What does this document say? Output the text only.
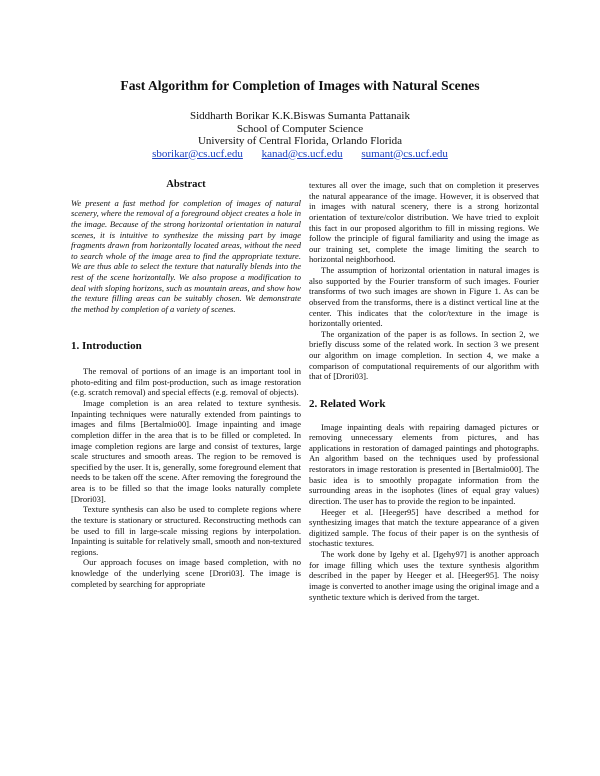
Fast Algorithm for Completion of Images with Natural Scenes
Siddharth Borikar K.K.Biswas Sumanta Pattanaik
School of Computer Science
University of Central Florida, Orlando Florida
sborikar@cs.ucf.edu kanad@cs.ucf.edu sumant@cs.ucf.edu
Abstract

We present a fast method for completion of images of natural scenery, where the removal of a foreground object creates a hole in the image. Because of the strong horizontal orientation in natural scenes, it is intuitive to synthesize the missing part by image fragments drawn from horizontally located areas, without the need to search whole of the image area to find the appropriate texture. We are thus able to select the texture that naturally blends into the rest of the scene horizontally. We also propose a modification to deal with sloping horizons, such as mountain areas, and show how the texture filling areas can be suitably chosen. We demonstrate the method by completion of a variety of scenes.

1. Introduction

The removal of portions of an image is an important tool in photo-editing and film post-production, such as image restoration (e.g. scratch removal) and special effects (e.g. removal of objects).

Image completion is an area related to texture synthesis. Inpainting techniques were naturally extended from paintings to images and films [Bertalmio00]. Image inpainting and image completion differ in the area that is to be filled or completed. In image completion regions are large and consist of textures, large scale structures and smooth areas. The region to be removed is specified by the user. It is, generally, some foreground element that needs to be taken off the scene. After removing the foreground the area is to be filled so that the image looks naturally complete [Drori03].

Texture synthesis can also be used to complete regions where the texture is stationary or structured. Reconstructing methods can be used to fill in large-scale missing regions by interpolation. Inpainting is suitable for relatively small, smooth and non-textured regions.

Our approach focuses on image based completion, with no knowledge of the underlying scene [Drori03]. The image is completed by searching for appropriate

textures all over the image, such that on completion it preserves the natural appearance of the image. However, it is observed that in images with natural scenery, there is a strong horizontal orientation of texture/color distribution. We have tried to exploit this fact in our proposed algorithm to fill in missing regions. We follow the principle of figural familiarity and using the image as our training set, complete the image limiting the search to horizontal neighborhood.

The assumption of horizontal orientation in natural images is also supported by the Fourier transform of such images. Fourier transforms of two such images are shown in Figure 1. As can be observed from the transforms, there is a distinct vertical line at the center. This indicates that the color/texture in the image is horizontally oriented.

The organization of the paper is as follows. In section 2, we briefly discuss some of the related work. In section 3 we present our algorithm on image completion. In section 4, we make a comparison of computational requirements of our algorithm with that of [Drori03].

2. Related Work

Image inpainting deals with repairing damaged pictures or removing unnecessary elements from pictures, and has applications in restoration of damaged paintings and photographs. An algorithm based on the techniques used by professional restorators in image restoration is presented in [Bertalmio00]. The basic idea is to smoothly propagate information from the surrounding areas in the isophotes (lines of equal gray values) direction. The user has to provide the region to be inpainted.

Heeger et al. [Heeger95] have described a method for synthesizing images that match the texture appearance of a given digitized sample. The focus of their paper is on the synthesis of stochastic textures.

The work done by Igehy et al. [Igehy97] is another approach for image filling which uses the texture synthesis algorithm described in the paper by Heeger et al. [Heeger95]. The noisy image is converted to another image using the original image and a synthetic texture which is derived from the target.
